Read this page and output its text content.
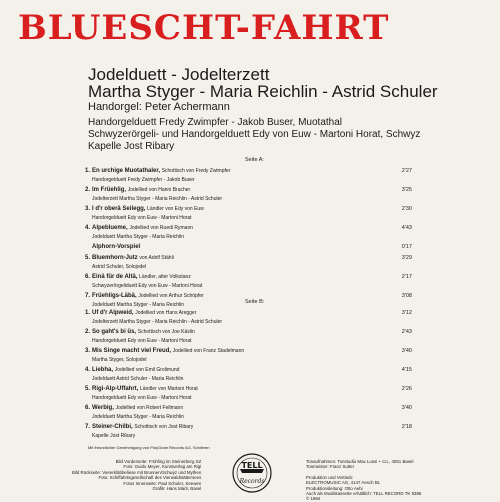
BLUESCHT-FAHRT
Jodelduett - Jodelterzett
Martha Styger - Maria Reichlin - Astrid Schuler
Handorgel: Peter Achermann
Handorgelduett Fredy Zwimpfer - Jakob Buser, Muotathal
Schwyzerörgeli- und Handorgelduett Edy von Euw - Martoni Horat, Schwyz
Kapelle Jost Ribary
Seite A:
1. En urchige Muotathaler, Schottisch von Fredy Zwimpfer
Handorgelduett Fredy Zwimpfer - Jakob Buser
2'27
2. Im Früehlig, Jodellied von Hanni Bracher
Jodelterzett Martha Styger - Maria Reichlin - Astrid Schuler
3'25
3. I d'r oberä Seilegg, Ländler von Edy von Euw
Handorgelduett Edy von Euw - Martoni Horat
2'30
4. Alpeblueme, Jodellied von Ruedi Rymann
Jodelduett Martha Styger - Maria Reichlin
4'43
Alphorn-Vorspiel	0'17
5. Bluemhorn-Jutz von Adolf Stähli
Astrid Schuler, Solojodel
3'29
6. Einä für de Altä, Ländler, alter Volkstanz
Schwyzerörgeliduett Edy von Euw - Martoni Horat
2'17
7. Früehligs-Läbä, Jodellied von Arthur Schöpfer
Jodelduett Martha Styger - Maria Reichlin
3'08
Seite B:
1. Uf d'r Alpweid, Jodellied von Hans Aregger
Jodelterzett Martha Styger - Maria Reichlin - Astrid Schuler
3'12
2. So gaht's bi üs, Schottisch von Joe Käslin
Handorgelduett Edy von Euw - Martoni Horat
2'43
3. Mis Singe macht viel Freud, Jodellied von Franz Stadelmann
Martha Styger, Solojodel
3'40
4. Liebha, Jodellied von Emil Grolimund
Jodelduett Astrid Schuler - Maria Reichlin
4'15
5. Rigi-Alp-Uffahrt, Ländler von Martoni Horat
Handorgelduett Edy von Euw - Martoni Horat
2'26
6. Werbig, Jodellied von Robert Fellmann
Jodelduett Martha Styger - Maria Reichlin
3'40
7. Steiner-Chilbi, Schottisch von Jost Ribary
Kapelle Jost Ribary
2'18
Mit freundlicher Genehmigung von PolyGram Records AG, Schlieren
Bild Vorderseite: Frühling im Steinerberg SZ
Foto: Guido Meyer, Kunstverlag am Rigi
Bild Rückseite: Viererkläbbeliese mit Brunnen/Schwyz und Mythen
Foto: Schiffahrtsgesellschaft des Vierwaldstättersees
Fotos Innenseite: Paul Schuler, Seewen
Grafik: Hans Marti, Basel
TELL
Records
Tonaufnahmen: Tonstudio Max Lussi + Co., 4051 Basel
Tonmeister: Franz Sutter
Produktion und Vertrieb:
ELECTROMUSIC AG, 4147 Aesch BL
Produktionsleitung: Otto Aebi
Auch als Musikkassette erhältlich: TELL RECORD TK 9385
© 1984
